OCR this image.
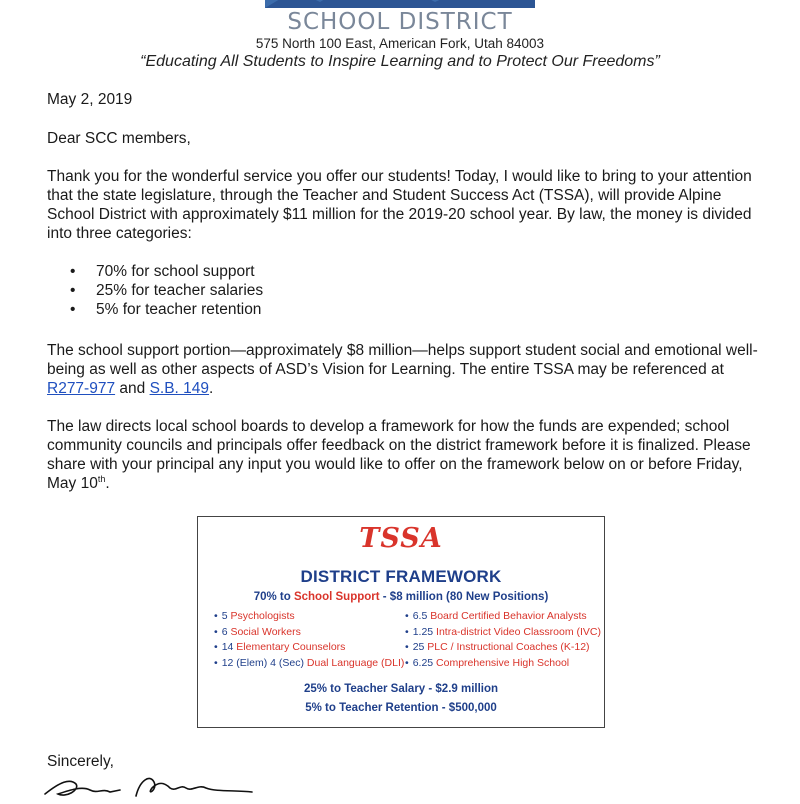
SCHOOL DISTRICT
575 North 100 East, American Fork, Utah 84003
“Educating All Students to Inspire Learning and to Protect Our Freedoms”
May 2, 2019
Dear SCC members,
Thank you for the wonderful service you offer our students! Today, I would like to bring to your attention that the state legislature, through the Teacher and Student Success Act (TSSA), will provide Alpine School District with approximately $11 million for the 2019-20 school year. By law, the money is divided into three categories:
• 70% for school support
• 25% for teacher salaries
• 5% for teacher retention
The school support portion—approximately $8 million—helps support student social and emotional well-being as well as other aspects of ASD’s Vision for Learning. The entire TSSA may be referenced at R277-977 and S.B. 149.
The law directs local school boards to develop a framework for how the funds are expended; school community councils and principals offer feedback on the district framework before it is finalized. Please share with your principal any input you would like to offer on the framework below on or before Friday, May 10th.
TSSA
DISTRICT FRAMEWORK
70% to School Support - $8 million (80 New Positions)
• 5 Psychologists
• 6 Social Workers
• 14 Elementary Counselors
• 12 (Elem) 4 (Sec) Dual Language (DLI)
• 6.5 Board Certified Behavior Analysts
• 1.25 Intra-district Video Classroom (IVC)
• 25 PLC / Instructional Coaches (K-12)
• 6.25 Comprehensive High School
25% to Teacher Salary - $2.9 million
5% to Teacher Retention - $500,000
Sincerely,
